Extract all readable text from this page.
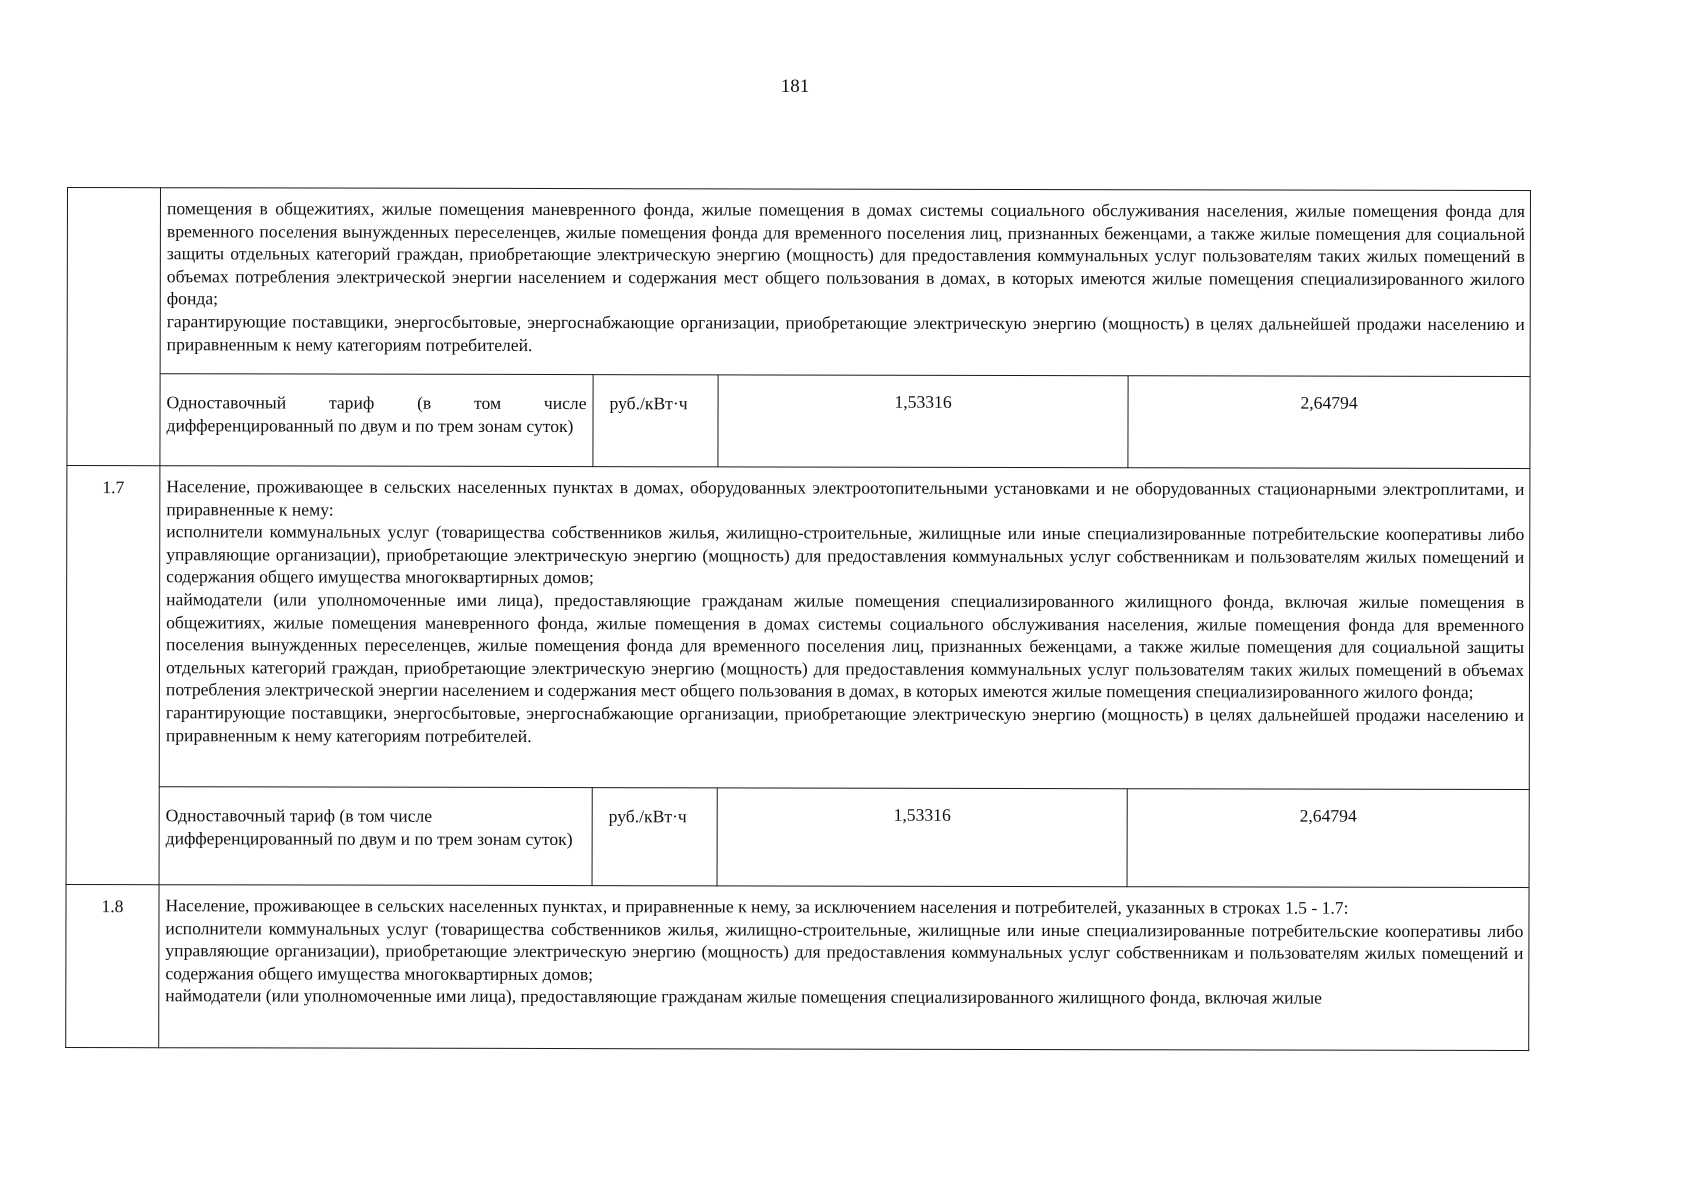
181

	помещения в общежитиях, жилые помещения маневренного фонда, жилые помещения в домах системы социального обслуживания населения, жилые помещения фонда для временного поселения вынужденных переселенцев, жилые помещения фонда для временного поселения лиц, признанных беженцами, а также жилые помещения для социальной защиты отдельных категорий граждан, приобретающие электрическую энергию (мощность) для предоставления коммунальных услуг пользователям таких жилых помещений в объемах потребления электрической энергии населением и содержания мест общего пользования в домах, в которых имеются жилые помещения специализированного жилого фонда;
гарантирующие поставщики, энергосбытовые, энергоснабжающие организации, приобретающие электрическую энергию (мощность) в целях дальнейшей продажи населению и приравненным к нему категориям потребителей.			

	Одноставочный тариф (в том числе дифференцированный по двум и по трем зонам суток)	руб./кВт·ч	1,53316	2,64794
1.7	Население, проживающее в сельских населенных пунктах в домах, оборудованных электроотопительными установками и не оборудованных стационарными электроплитами, и приравненные к нему:
исполнители коммунальных услуг (товарищества собственников жилья, жилищно-строительные, жилищные или иные специализированные потребительские кооперативы либо управляющие организации), приобретающие электрическую энергию (мощность) для предоставления коммунальных услуг собственникам и пользователям жилых помещений и содержания общего имущества многоквартирных домов;
наймодатели (или уполномоченные ими лица), предоставляющие гражданам жилые помещения специализированного жилищного фонда, включая жилые помещения в общежитиях, жилые помещения маневренного фонда, жилые помещения в домах системы социального обслуживания населения, жилые помещения фонда для временного поселения вынужденных переселенцев, жилые помещения фонда для временного поселения лиц, признанных беженцами, а также жилые помещения для социальной защиты отдельных категорий граждан, приобретающие электрическую энергию (мощность) для предоставления коммунальных услуг пользователям таких жилых помещений в объемах потребления электрической энергии населением и содержания мест общего пользования в домах, в которых имеются жилые помещения специализированного жилого фонда;
гарантирующие поставщики, энергосбытовые, энергоснабжающие организации, приобретающие электрическую энергию (мощность) в целях дальнейшей продажи населению и приравненным к нему категориям потребителей.			

	Одноставочный тариф (в том числе дифференцированный по двум и по трем зонам суток)	руб./кВт·ч	1,53316	2,64794
1.8	Население, проживающее в сельских населенных пунктах, и приравненные к нему, за исключением населения и потребителей, указанных в строках 1.5 - 1.7:
исполнители коммунальных услуг (товарищества собственников жилья, жилищно-строительные, жилищные или иные специализированные потребительские кооперативы либо управляющие организации), приобретающие электрическую энергию (мощность) для предоставления коммунальных услуг собственникам и пользователям жилых помещений и содержания общего имущества многоквартирных домов;
наймодатели (или уполномоченные ими лица), предоставляющие гражданам жилые помещения специализированного жилищного фонда, включая жилые			
